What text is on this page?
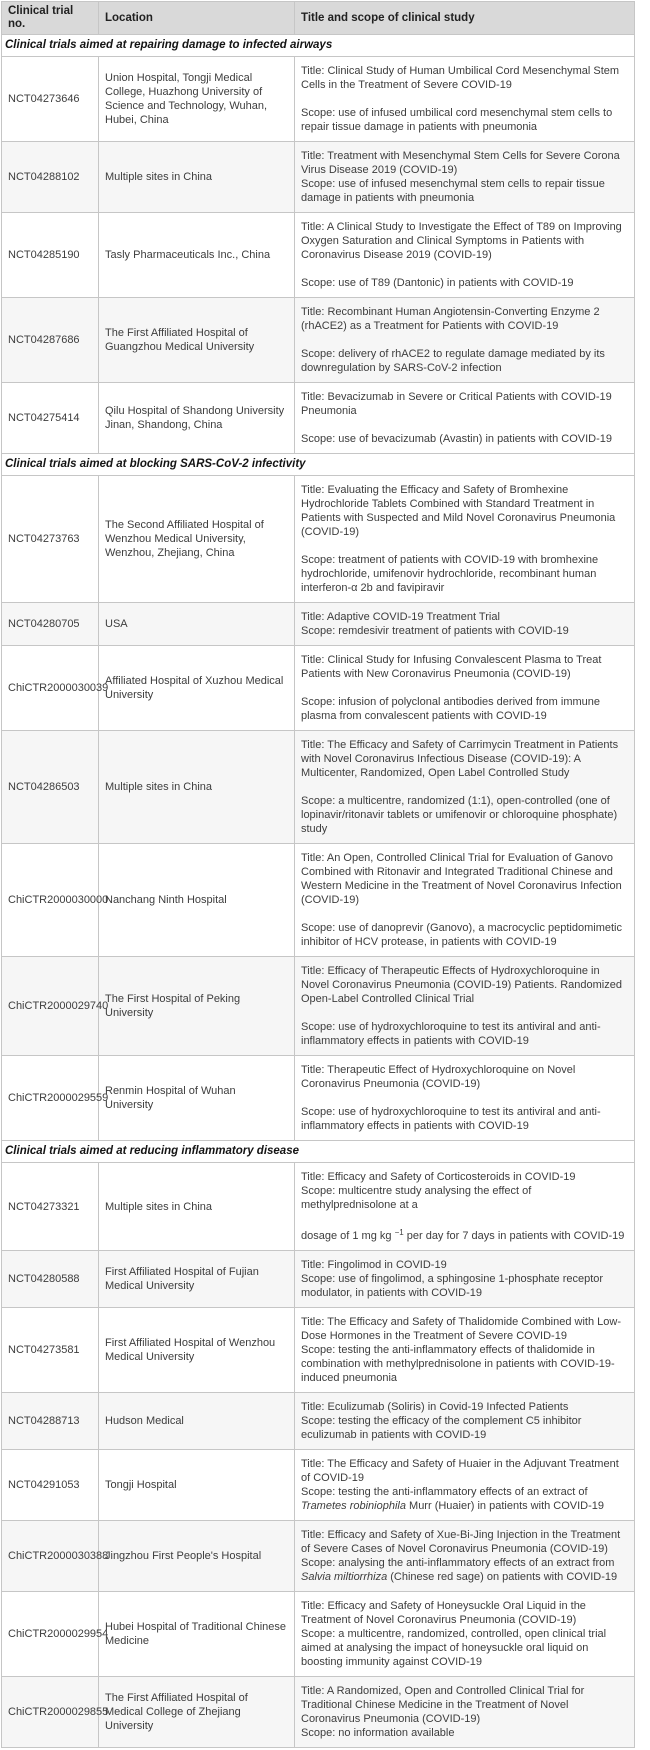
Clinical trial no.	Location	Title and scope of clinical study
Clinical trials aimed at repairing damage to infected airways		
NCT04273646	Union Hospital, Tongji Medical College, Huazhong University of Science and Technology, Wuhan, Hubei, China	Title: Clinical Study of Human Umbilical Cord Mesenchymal Stem Cells in the Treatment of Severe COVID-19
Scope: use of infused umbilical cord mesenchymal stem cells to repair tissue damage in patients with pneumonia

NCT04288102	Multiple sites in China	Title: Treatment with Mesenchymal Stem Cells for Severe Corona Virus Disease 2019 (COVID-19)
Scope: use of infused mesenchymal stem cells to repair tissue damage in patients with pneumonia

NCT04285190	Tasly Pharmaceuticals Inc., China	Title: A Clinical Study to Investigate the Effect of T89 on Improving Oxygen Saturation and Clinical Symptoms in Patients with Coronavirus Disease 2019 (COVID-19)
Scope: use of T89 (Dantonic) in patients with COVID-19

NCT04287686	The First Affiliated Hospital of Guangzhou Medical University	Title: Recombinant Human Angiotensin-Converting Enzyme 2 (rhACE2) as a Treatment for Patients with COVID-19
Scope: delivery of rhACE2 to regulate damage mediated by its downregulation by SARS-CoV-2 infection

NCT04275414	Qilu Hospital of Shandong University Jinan, Shandong, China	Title: Bevacizumab in Severe or Critical Patients with COVID-19 Pneumonia
Scope: use of bevacizumab (Avastin) in patients with COVID-19

Clinical trials aimed at blocking SARS-CoV-2 infectivity		
NCT04273763	The Second Affiliated Hospital of Wenzhou Medical University, Wenzhou, Zhejiang, China	Title: Evaluating the Efficacy and Safety of Bromhexine Hydrochloride Tablets Combined with Standard Treatment in Patients with Suspected and Mild Novel Coronavirus Pneumonia (COVID-19)
Scope: treatment of patients with COVID-19 with bromhexine hydrochloride, umifenovir hydrochloride, recombinant human interferon-α 2b and favipiravir

NCT04280705	USA	Title: Adaptive COVID-19 Treatment Trial
Scope: remdesivir treatment of patients with COVID-19

ChiCTR2000030039	Affiliated Hospital of Xuzhou Medical University	Title: Clinical Study for Infusing Convalescent Plasma to Treat Patients with New Coronavirus Pneumonia (COVID-19)
Scope: infusion of polyclonal antibodies derived from immune plasma from convalescent patients with COVID-19

NCT04286503	Multiple sites in China	Title: The Efficacy and Safety of Carrimycin Treatment in Patients with Novel Coronavirus Infectious Disease (COVID-19): A Multicenter, Randomized, Open Label Controlled Study
Scope: a multicentre, randomized (1:1), open-controlled (one of lopinavir/ritonavir tablets or umifenovir or chloroquine phosphate) study

ChiCTR2000030000	Nanchang Ninth Hospital	Title: An Open, Controlled Clinical Trial for Evaluation of Ganovo Combined with Ritonavir and Integrated Traditional Chinese and Western Medicine in the Treatment of Novel Coronavirus Infection (COVID-19)
Scope: use of danoprevir (Ganovo), a macrocyclic peptidomimetic inhibitor of HCV protease, in patients with COVID-19

ChiCTR2000029740	The First Hospital of Peking University	Title: Efficacy of Therapeutic Effects of Hydroxychloroquine in Novel Coronavirus Pneumonia (COVID-19) Patients. Randomized Open-Label Controlled Clinical Trial
Scope: use of hydroxychloroquine to test its antiviral and anti-inflammatory effects in patients with COVID-19

ChiCTR2000029559	Renmin Hospital of Wuhan University	Title: Therapeutic Effect of Hydroxychloroquine on Novel Coronavirus Pneumonia (COVID-19)
Scope: use of hydroxychloroquine to test its antiviral and anti-inflammatory effects in patients with COVID-19

Clinical trials aimed at reducing inflammatory disease		
NCT04273321	Multiple sites in China	Title: Efficacy and Safety of Corticosteroids in COVID-19
Scope: multicentre study analysing the effect of methylprednisolone at a
dosage of 1 mg kg $^{-1}$ per day for 7 days in patients with COVID-19

NCT04280588	First Affiliated Hospital of Fujian Medical University	Title: Fingolimod in COVID-19
Scope: use of fingolimod, a sphingosine 1-phosphate receptor modulator, in patients with COVID-19

NCT04273581	First Affiliated Hospital of Wenzhou Medical University	Title: The Efficacy and Safety of Thalidomide Combined with Low-Dose Hormones in the Treatment of Severe COVID-19
Scope: testing the anti-inflammatory effects of thalidomide in combination with methylprednisolone in patients with COVID-19-induced pneumonia

NCT04288713	Hudson Medical	Title: Eculizumab (Soliris) in Covid-19 Infected Patients
Scope: testing the efficacy of the complement C5 inhibitor eculizumab in patients with COVID-19

NCT04291053	Tongji Hospital	Title: The Efficacy and Safety of Huaier in the Adjuvant Treatment of COVID-19
Scope: testing the anti-inflammatory effects of an extract of Trametes robiniophila Murr (Huaier) in patients with COVID-19

ChiCTR2000030388	Jingzhou First People's Hospital	Title: Efficacy and Safety of Xue-Bi-Jing Injection in the Treatment of Severe Cases of Novel Coronavirus Pneumonia (COVID-19)
Scope: analysing the anti-inflammatory effects of an extract from Salvia miltiorrhiza (Chinese red sage) on patients with COVID-19

ChiCTR2000029954	Hubei Hospital of Traditional Chinese Medicine	Title: Efficacy and Safety of Honeysuckle Oral Liquid in the Treatment of Novel Coronavirus Pneumonia (COVID-19)
Scope: a multicentre, randomized, controlled, open clinical trial aimed at analysing the impact of honeysuckle oral liquid on boosting immunity against COVID-19

ChiCTR2000029855	The First Affiliated Hospital of Medical College of Zhejiang University	Title: A Randomized, Open and Controlled Clinical Trial for Traditional Chinese Medicine in the Treatment of Novel Coronavirus Pneumonia (COVID-19)
Scope: no information available
